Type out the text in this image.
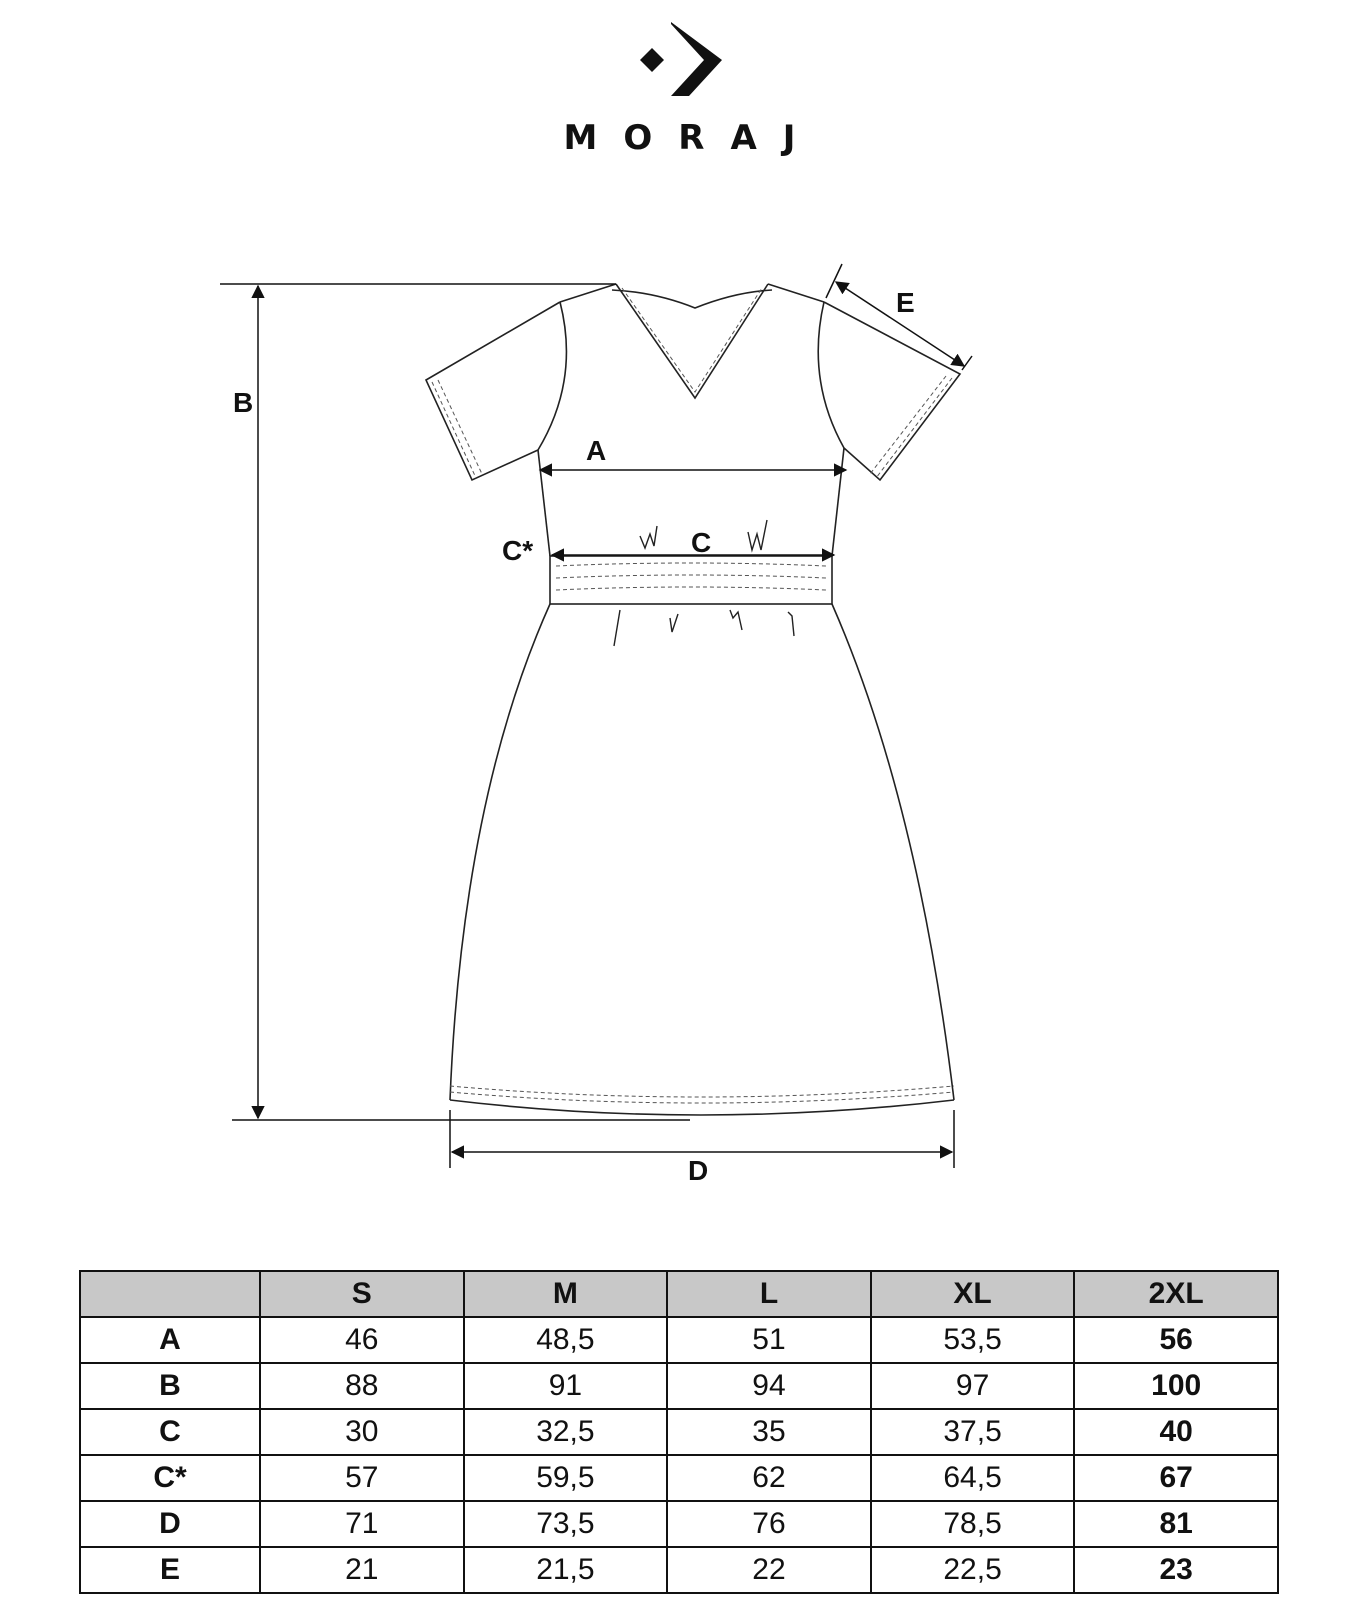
MORAJ
B
A
C
C*
D
E
	S	M	L	XL	2XL
A	46	48,5	51	53,5	56
B	88	91	94	97	100
C	30	32,5	35	37,5	40
C*	57	59,5	62	64,5	67
D	71	73,5	76	78,5	81
E	21	21,5	22	22,5	23
